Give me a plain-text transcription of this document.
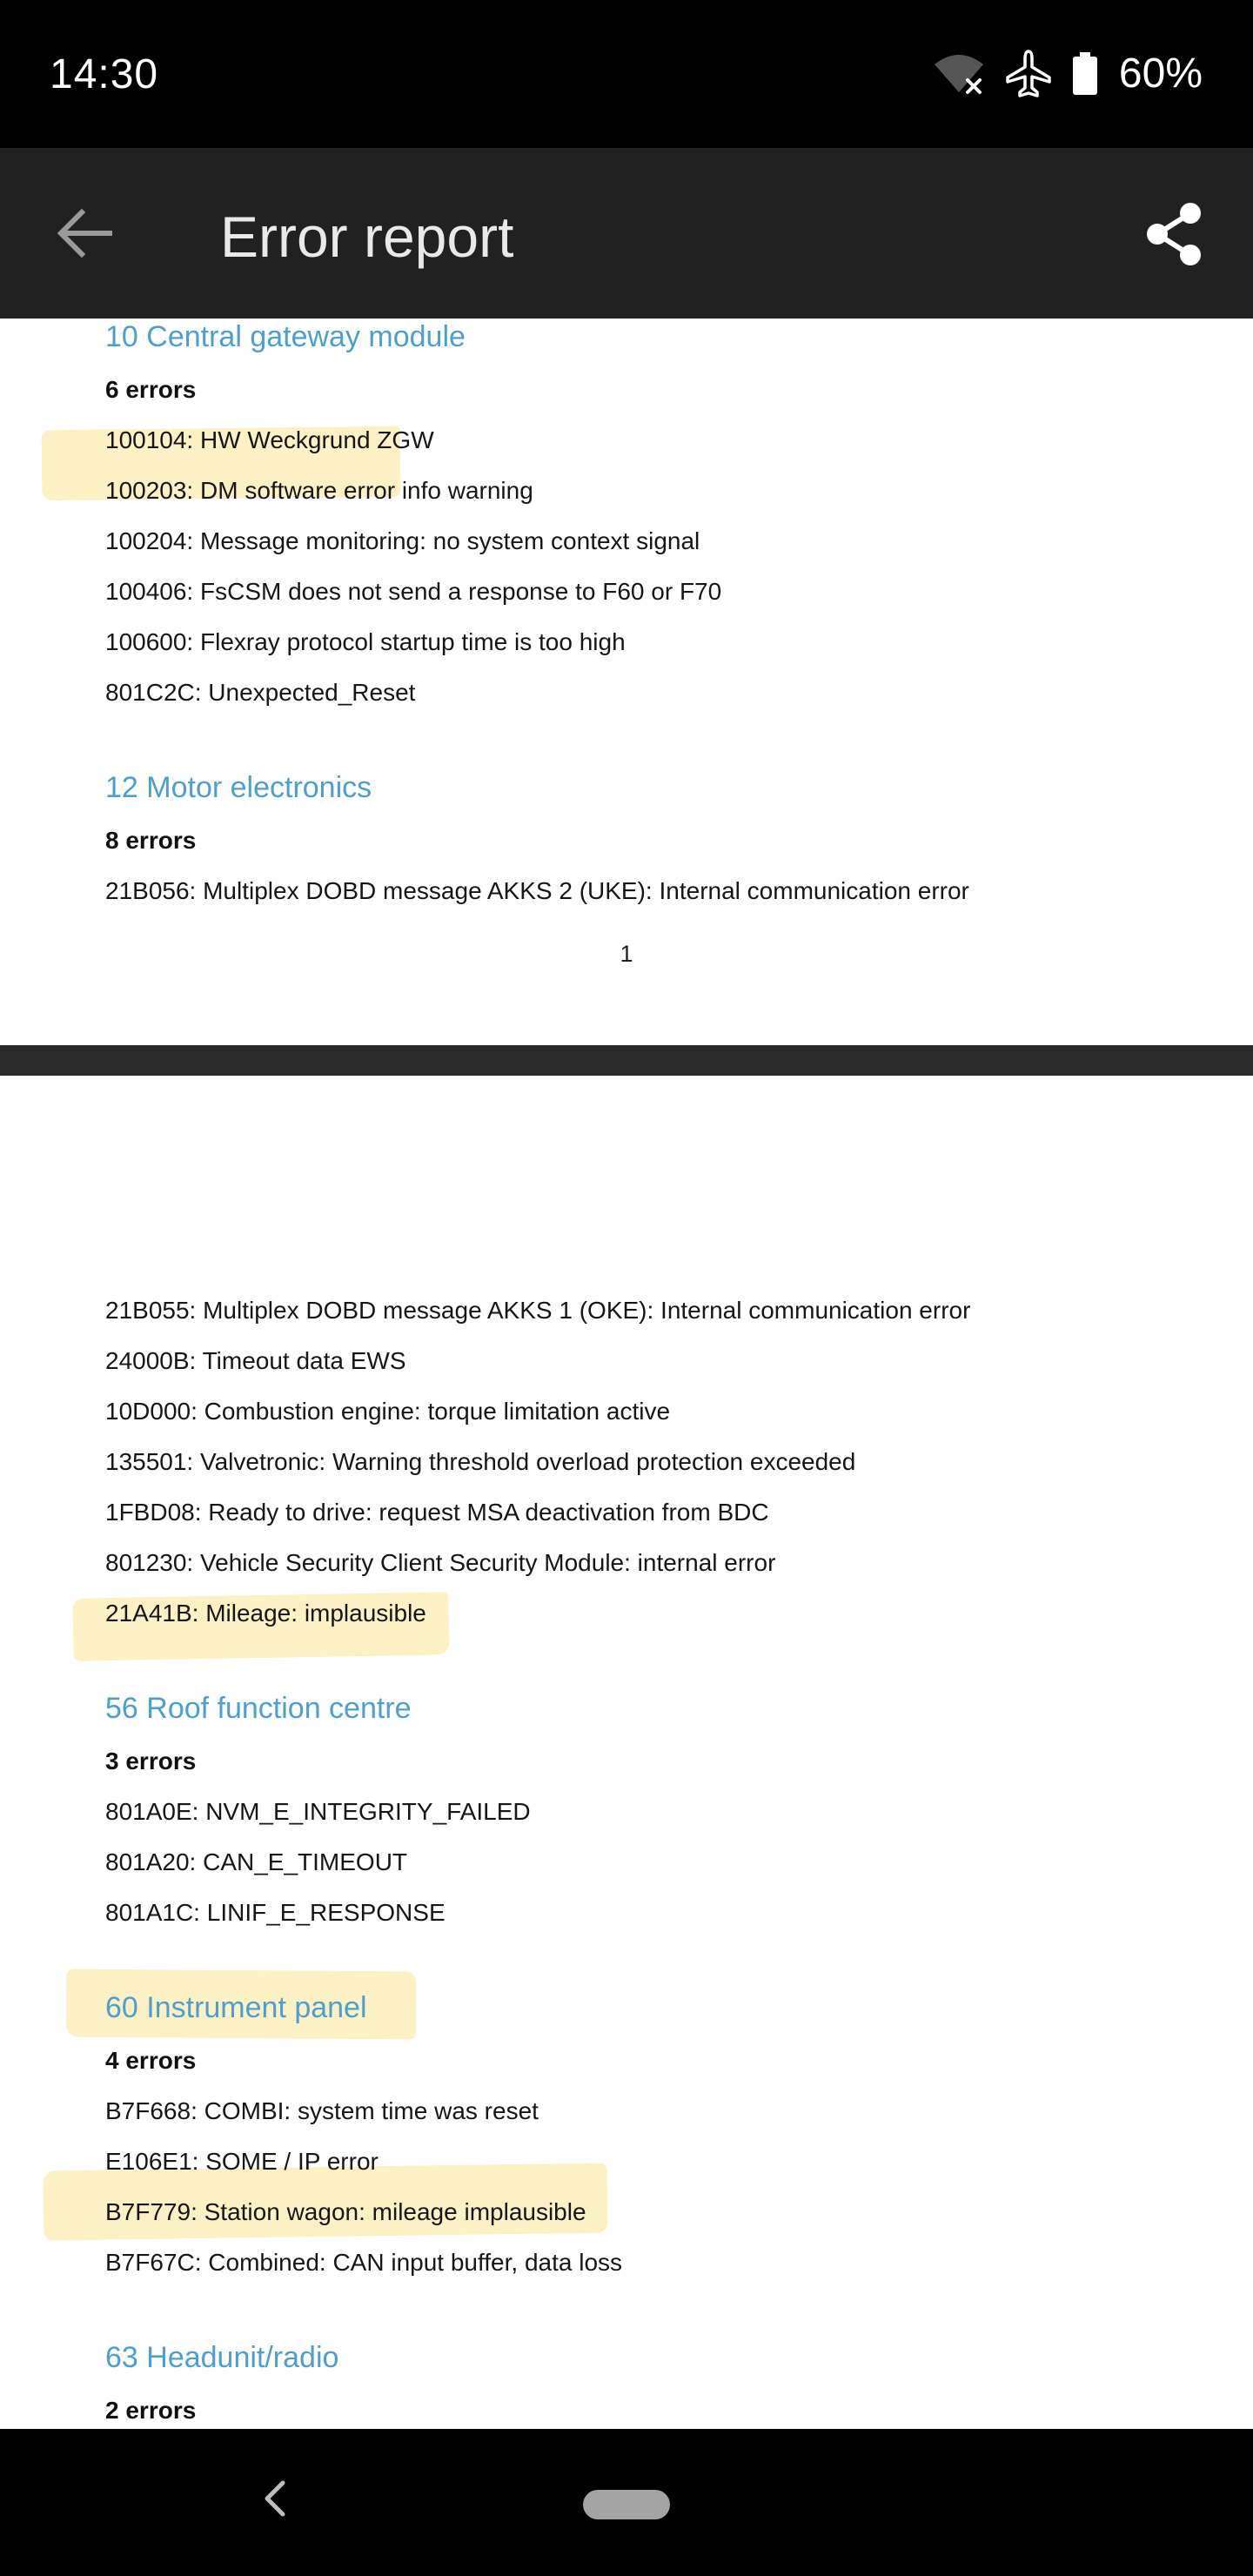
14:30	60%
Error report
10 Central gateway module
6 errors
100104: HW Weckgrund ZGW
100203: DM software error info warning
100204: Message monitoring: no system context signal
100406: FsCSM does not send a response to F60 or F70
100600: Flexray protocol startup time is too high
801C2C: Unexpected_Reset
12 Motor electronics
8 errors
21B056: Multiplex DOBD message AKKS 2 (UKE): Internal communication error
1
21B055: Multiplex DOBD message AKKS 1 (OKE): Internal communication error
24000B: Timeout data EWS
10D000: Combustion engine: torque limitation active
135501: Valvetronic: Warning threshold overload protection exceeded
1FBD08: Ready to drive: request MSA deactivation from BDC
801230: Vehicle Security Client Security Module: internal error
21A41B: Mileage: implausible
56 Roof function centre
3 errors
801A0E: NVM_E_INTEGRITY_FAILED
801A20: CAN_E_TIMEOUT
801A1C: LINIF_E_RESPONSE
60 Instrument panel
4 errors
B7F668: COMBI: system time was reset
E106E1: SOME / IP error
B7F779: Station wagon: mileage implausible
B7F67C: Combined: CAN input buffer, data loss
63 Headunit/radio
2 errors
